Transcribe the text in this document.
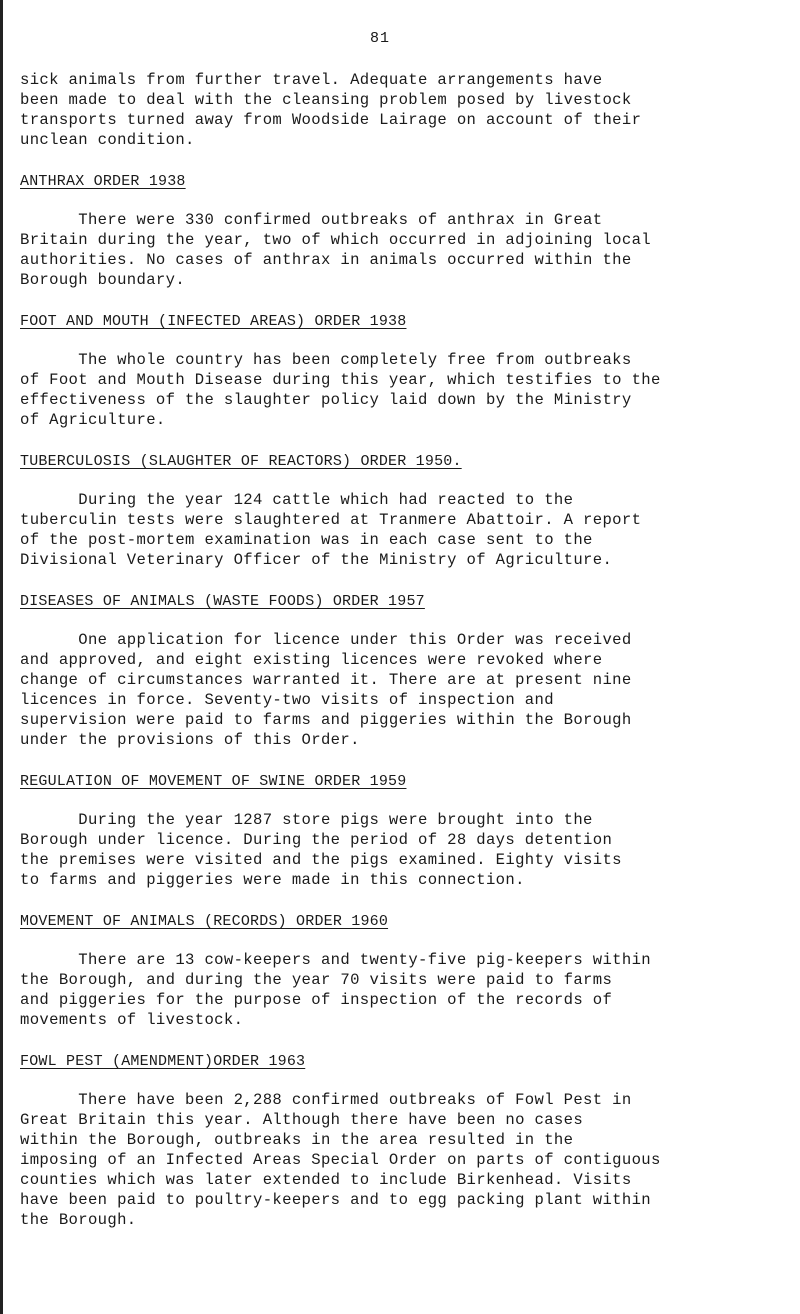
81

sick animals from further travel. Adequate arrangements have
been made to deal with the cleansing problem posed by livestock
transports turned away from Woodside Lairage on account of their
unclean condition.

ANTHRAX ORDER 1938

There were 330 confirmed outbreaks of anthrax in Great
Britain during the year, two of which occurred in adjoining local
authorities. No cases of anthrax in animals occurred within the
Borough boundary.

FOOT AND MOUTH (INFECTED AREAS) ORDER 1938

The whole country has been completely free from outbreaks
of Foot and Mouth Disease during this year, which testifies to the
effectiveness of the slaughter policy laid down by the Ministry
of Agriculture.

TUBERCULOSIS (SLAUGHTER OF REACTORS) ORDER 1950.

During the year 124 cattle which had reacted to the
tuberculin tests were slaughtered at Tranmere Abattoir. A report
of the post-mortem examination was in each case sent to the
Divisional Veterinary Officer of the Ministry of Agriculture.

DISEASES OF ANIMALS (WASTE FOODS) ORDER 1957

One application for licence under this Order was received
and approved, and eight existing licences were revoked where
change of circumstances warranted it. There are at present nine
licences in force. Seventy-two visits of inspection and
supervision were paid to farms and piggeries within the Borough
under the provisions of this Order.

REGULATION OF MOVEMENT OF SWINE ORDER 1959

During the year 1287 store pigs were brought into the
Borough under licence. During the period of 28 days detention
the premises were visited and the pigs examined. Eighty visits
to farms and piggeries were made in this connection.

MOVEMENT OF ANIMALS (RECORDS) ORDER 1960

There are 13 cow-keepers and twenty-five pig-keepers within
the Borough, and during the year 70 visits were paid to farms
and piggeries for the purpose of inspection of the records of
movements of livestock.

FOWL PEST (AMENDMENT)ORDER 1963

There have been 2,288 confirmed outbreaks of Fowl Pest in
Great Britain this year. Although there have been no cases
within the Borough, outbreaks in the area resulted in the
imposing of an Infected Areas Special Order on parts of contiguous
counties which was later extended to include Birkenhead. Visits
have been paid to poultry-keepers and to egg packing plant within
the Borough.
